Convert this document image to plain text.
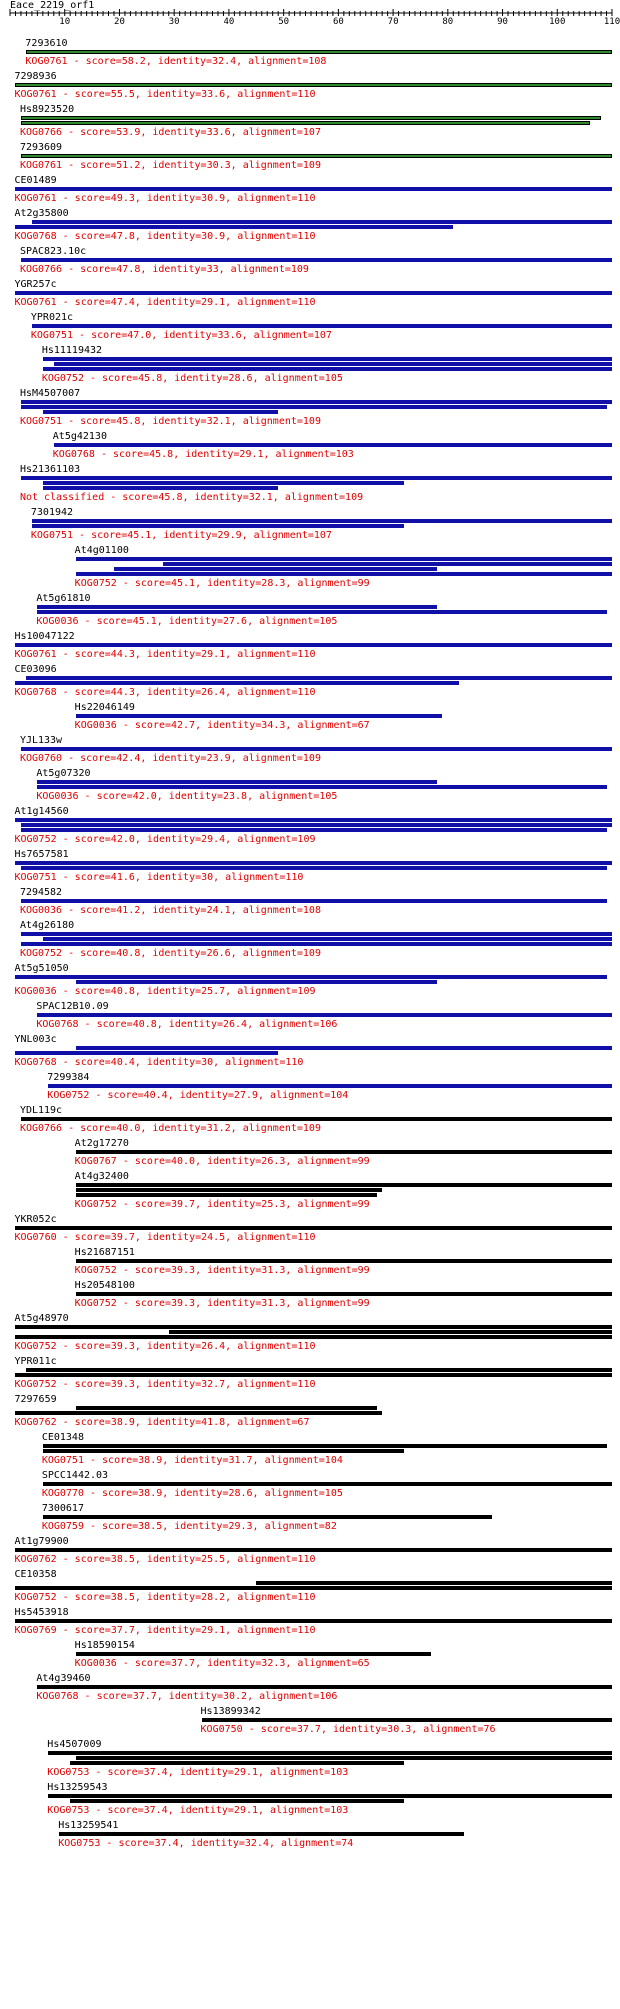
Eace_2219_orf1
10	20	30	40	50	60	70	80	90	100	110
7293610
KOG0761 - score=58.2, identity=32.4, alignment=108
7298936
KOG0761 - score=55.5, identity=33.6, alignment=110
Hs8923520
KOG0766 - score=53.9, identity=33.6, alignment=107
7293609
KOG0761 - score=51.2, identity=30.3, alignment=109
CE01489
KOG0761 - score=49.3, identity=30.9, alignment=110
At2g35800
KOG0768 - score=47.8, identity=30.9, alignment=110
SPAC823.10c
KOG0766 - score=47.8, identity=33, alignment=109
YGR257c
KOG0761 - score=47.4, identity=29.1, alignment=110
YPR021c
KOG0751 - score=47.0, identity=33.6, alignment=107
Hs11119432
KOG0752 - score=45.8, identity=28.6, alignment=105
HsM4507007
KOG0751 - score=45.8, identity=32.1, alignment=109
At5g42130
KOG0768 - score=45.8, identity=29.1, alignment=103
Hs21361103
Not classified - score=45.8, identity=32.1, alignment=109
7301942
KOG0751 - score=45.1, identity=29.9, alignment=107
At4g01100
KOG0752 - score=45.1, identity=28.3, alignment=99
At5g61810
KOG0036 - score=45.1, identity=27.6, alignment=105
Hs10047122
KOG0761 - score=44.3, identity=29.1, alignment=110
CE03096
KOG0768 - score=44.3, identity=26.4, alignment=110
Hs22046149
KOG0036 - score=42.7, identity=34.3, alignment=67
YJL133w
KOG0760 - score=42.4, identity=23.9, alignment=109
At5g07320
KOG0036 - score=42.0, identity=23.8, alignment=105
At1g14560
KOG0752 - score=42.0, identity=29.4, alignment=109
Hs7657581
KOG0751 - score=41.6, identity=30, alignment=110
7294582
KOG0036 - score=41.2, identity=24.1, alignment=108
At4g26180
KOG0752 - score=40.8, identity=26.6, alignment=109
At5g51050
KOG0036 - score=40.8, identity=25.7, alignment=109
SPAC12B10.09
KOG0768 - score=40.8, identity=26.4, alignment=106
YNL003c
KOG0768 - score=40.4, identity=30, alignment=110
7299384
KOG0752 - score=40.4, identity=27.9, alignment=104
YDL119c
KOG0766 - score=40.0, identity=31.2, alignment=109
At2g17270
KOG0767 - score=40.0, identity=26.3, alignment=99
At4g32400
KOG0752 - score=39.7, identity=25.3, alignment=99
YKR052c
KOG0760 - score=39.7, identity=24.5, alignment=110
Hs21687151
KOG0752 - score=39.3, identity=31.3, alignment=99
Hs20548100
KOG0752 - score=39.3, identity=31.3, alignment=99
At5g48970
KOG0752 - score=39.3, identity=26.4, alignment=110
YPR011c
KOG0752 - score=39.3, identity=32.7, alignment=110
7297659
KOG0762 - score=38.9, identity=41.8, alignment=67
CE01348
KOG0751 - score=38.9, identity=31.7, alignment=104
SPCC1442.03
KOG0770 - score=38.9, identity=28.6, alignment=105
7300617
KOG0759 - score=38.5, identity=29.3, alignment=82
At1g79900
KOG0762 - score=38.5, identity=25.5, alignment=110
CE10358
KOG0752 - score=38.5, identity=28.2, alignment=110
Hs5453918
KOG0769 - score=37.7, identity=29.1, alignment=110
Hs18590154
KOG0036 - score=37.7, identity=32.3, alignment=65
At4g39460
KOG0768 - score=37.7, identity=30.2, alignment=106
Hs13899342
KOG0750 - score=37.7, identity=30.3, alignment=76
Hs4507009
KOG0753 - score=37.4, identity=29.1, alignment=103
Hs13259543
KOG0753 - score=37.4, identity=29.1, alignment=103
Hs13259541
KOG0753 - score=37.4, identity=32.4, alignment=74
